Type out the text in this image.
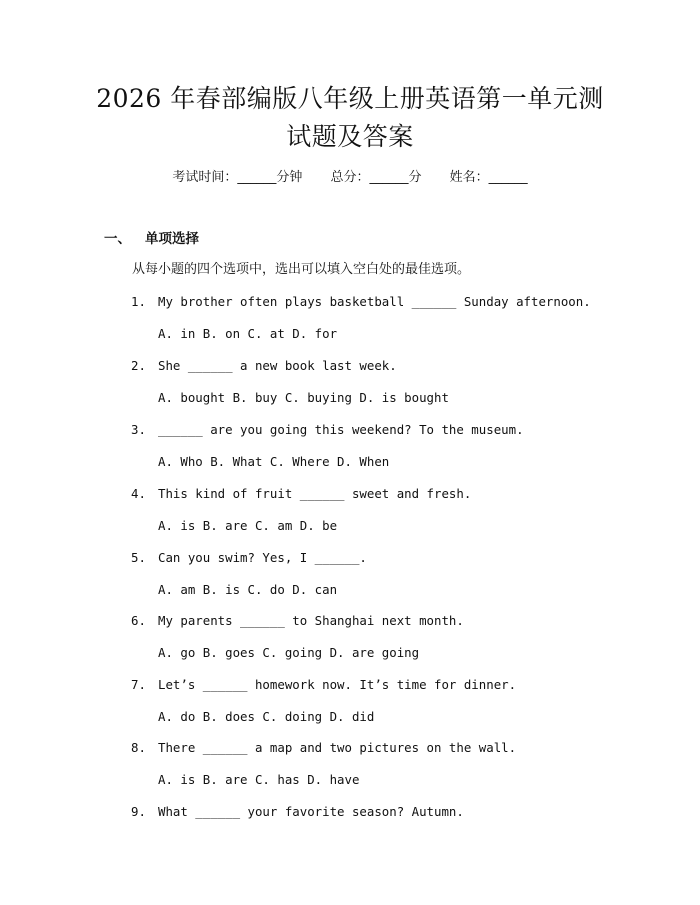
2026 年春部编版八年级上册英语第一单元测
试题及答案
考试时间：______分钟 总分：______分 姓名：______
一、 单项选择
从每小题的四个选项中，选出可以填入空白处的最佳选项。
1. My brother often plays basketball ______ Sunday afternoon.
A. in B. on C. at D. for
2. She ______ a new book last week.
A. bought B. buy C. buying D. is bought
3. ______ are you going this weekend? To the museum.
A. Who B. What C. Where D. When
4. This kind of fruit ______ sweet and fresh.
A. is B. are C. am D. be
5. Can you swim? Yes, I ______.
A. am B. is C. do D. can
6. My parents ______ to Shanghai next month.
A. go B. goes C. going D. are going
7. Let’s ______ homework now. It’s time for dinner.
A. do B. does C. doing D. did
8. There ______ a map and two pictures on the wall.
A. is B. are C. has D. have
9. What ______ your favorite season? Autumn.
